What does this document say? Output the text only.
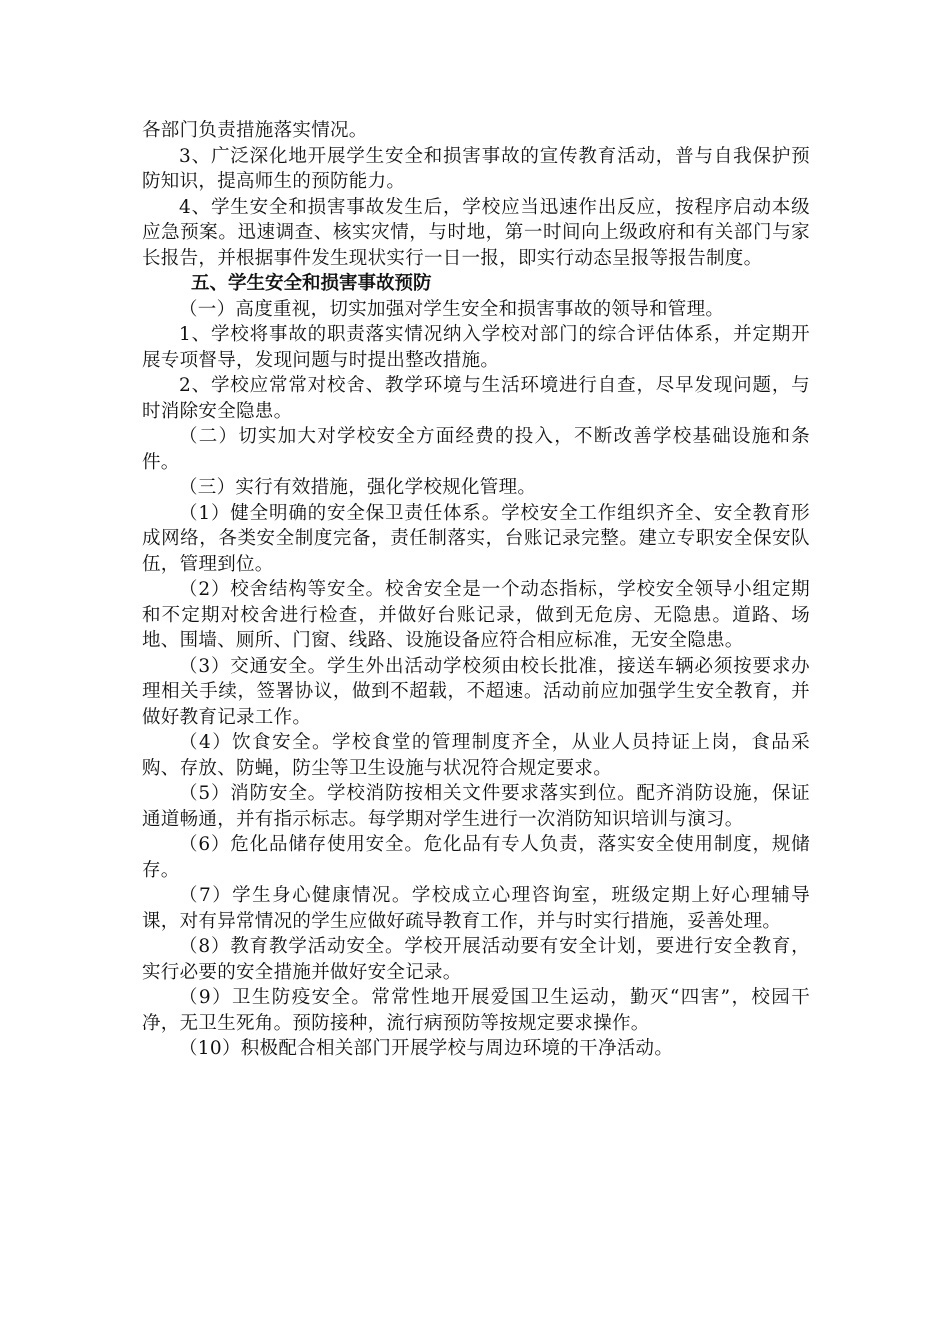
各部门负责措施落实情况。

3、广泛深化地开展学生安全和损害事故的宣传教育活动，普与自我保护预防知识，提高师生的预防能力。

4、学生安全和损害事故发生后，学校应当迅速作出反应，按程序启动本级应急预案。迅速调查、核实灾情，与时地，第一时间向上级政府和有关部门与家长报告，并根据事件发生现状实行一日一报，即实行动态呈报等报告制度。

五、学生安全和损害事故预防

（一）高度重视，切实加强对学生安全和损害事故的领导和管理。

1、学校将事故的职责落实情况纳入学校对部门的综合评估体系，并定期开展专项督导，发现问题与时提出整改措施。

2、学校应常常对校舍、教学环境与生活环境进行自查，尽早发现问题，与时消除安全隐患。

（二）切实加大对学校安全方面经费的投入，不断改善学校基础设施和条件。

（三）实行有效措施，强化学校规化管理。

（1）健全明确的安全保卫责任体系。学校安全工作组织齐全、安全教育形成网络，各类安全制度完备，责任制落实，台账记录完整。建立专职安全保安队伍，管理到位。

（2）校舍结构等安全。校舍安全是一个动态指标，学校安全领导小组定期和不定期对校舍进行检查，并做好台账记录，做到无危房、无隐患。道路、场地、围墙、厕所、门窗、线路、设施设备应符合相应标准，无安全隐患。

（3）交通安全。学生外出活动学校须由校长批准，接送车辆必须按要求办理相关手续，签署协议，做到不超载，不超速。活动前应加强学生安全教育，并做好教育记录工作。

（4）饮食安全。学校食堂的管理制度齐全，从业人员持证上岗，食品采购、存放、防蝇，防尘等卫生设施与状况符合规定要求。

（5）消防安全。学校消防按相关文件要求落实到位。配齐消防设施，保证通道畅通，并有指示标志。每学期对学生进行一次消防知识培训与演习。

（6）危化品储存使用安全。危化品有专人负责，落实安全使用制度，规储存。

（7）学生身心健康情况。学校成立心理咨询室，班级定期上好心理辅导课，对有异常情况的学生应做好疏导教育工作，并与时实行措施，妥善处理。

（8）教育教学活动安全。学校开展活动要有安全计划，要进行安全教育，实行必要的安全措施并做好安全记录。

（9）卫生防疫安全。常常性地开展爱国卫生运动，勤灭“四害”，校园干净，无卫生死角。预防接种，流行病预防等按规定要求操作。

（10）积极配合相关部门开展学校与周边环境的干净活动。
